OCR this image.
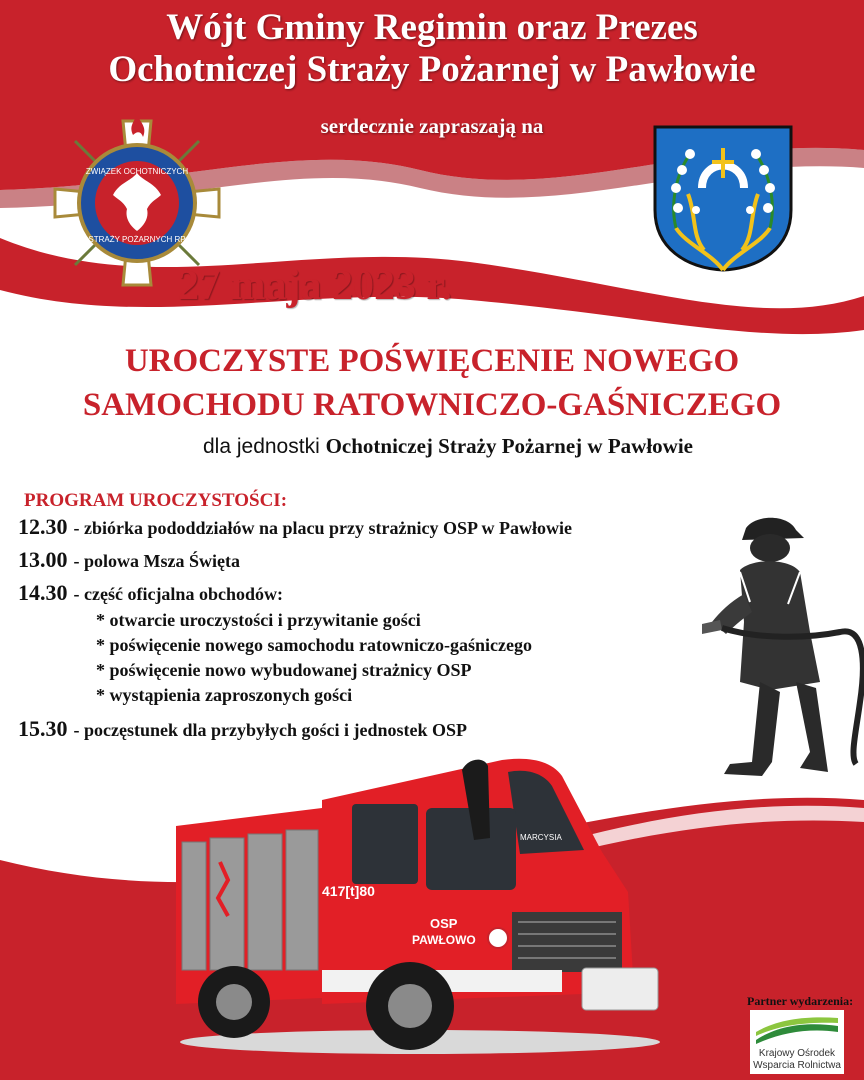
Wójt Gminy Regimin oraz Prezes
Ochotniczej Straży Pożarnej w Pawłowie
serdecznie zapraszają na
ZWIĄZEK OCHOTNICZYCH
STRAŻY POŻARNYCH RP
27 maja 2023 r.
UROCZYSTE POŚWIĘCENIE NOWEGO
SAMOCHODU RATOWNICZO-GAŚNICZEGO
dla jednostki Ochotniczej Straży Pożarnej w Pawłowie
PROGRAM UROCZYSTOŚCI:
12.30 - zbiórka pododdziałów na placu przy strażnicy OSP w Pawłowie
13.00 - polowa Msza Święta
14.30 - część oficjalna obchodów:
* otwarcie uroczystości i przywitanie gości
* poświęcenie nowego samochodu ratowniczo-gaśniczego
* poświęcenie nowo wybudowanej strażnicy OSP
* wystąpienia zaproszonych gości
15.30 - poczęstunek dla przybyłych gości i jednostek OSP
OSP
PAWŁOWO
417[t]80
MARCYSIA
Partner wydarzenia:
Krajowy Ośrodek
Wsparcia Rolnictwa
